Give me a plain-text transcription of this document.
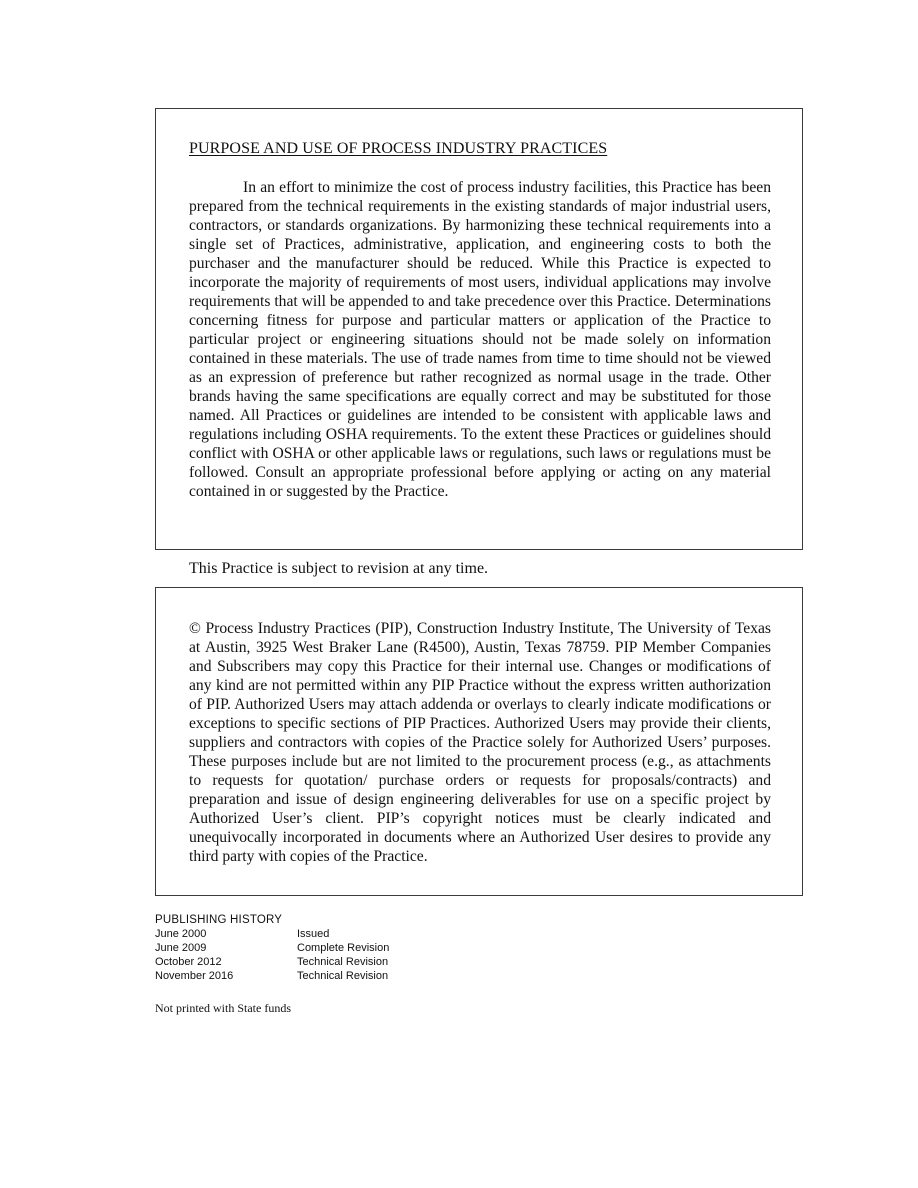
PURPOSE AND USE OF PROCESS INDUSTRY PRACTICES
In an effort to minimize the cost of process industry facilities, this Practice has been prepared from the technical requirements in the existing standards of major industrial users, contractors, or standards organizations. By harmonizing these technical requirements into a single set of Practices, administrative, application, and engineering costs to both the purchaser and the manufacturer should be reduced. While this Practice is expected to incorporate the majority of requirements of most users, individual applications may involve requirements that will be appended to and take precedence over this Practice. Determinations concerning fitness for purpose and particular matters or application of the Practice to particular project or engineering situations should not be made solely on information contained in these materials. The use of trade names from time to time should not be viewed as an expression of preference but rather recognized as normal usage in the trade. Other brands having the same specifications are equally correct and may be substituted for those named. All Practices or guidelines are intended to be consistent with applicable laws and regulations including OSHA requirements. To the extent these Practices or guidelines should conflict with OSHA or other applicable laws or regulations, such laws or regulations must be followed. Consult an appropriate professional before applying or acting on any material contained in or suggested by the Practice.
This Practice is subject to revision at any time.
© Process Industry Practices (PIP), Construction Industry Institute, The University of Texas at Austin, 3925 West Braker Lane (R4500), Austin, Texas 78759. PIP Member Companies and Subscribers may copy this Practice for their internal use. Changes or modifications of any kind are not permitted within any PIP Practice without the express written authorization of PIP. Authorized Users may attach addenda or overlays to clearly indicate modifications or exceptions to specific sections of PIP Practices. Authorized Users may provide their clients, suppliers and contractors with copies of the Practice solely for Authorized Users’ purposes. These purposes include but are not limited to the procurement process (e.g., as attachments to requests for quotation/ purchase orders or requests for proposals/contracts) and preparation and issue of design engineering deliverables for use on a specific project by Authorized User’s client. PIP’s copyright notices must be clearly indicated and unequivocally incorporated in documents where an Authorized User desires to provide any third party with copies of the Practice.
PUBLISHING HISTORY
June 2000	Issued
June 2009	Complete Revision
October 2012	Technical Revision
November 2016	Technical Revision
Not printed with State funds
